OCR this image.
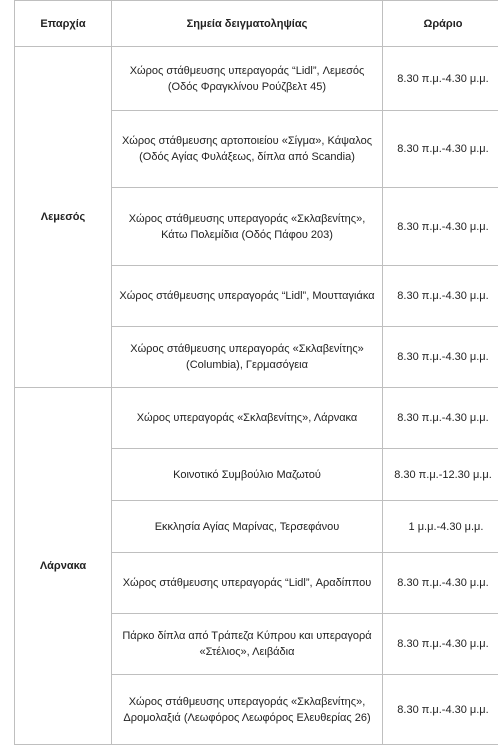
Επαρχία	Σημεία δειγματοληψίας	Ωράριο
Λεμεσός	Χώρος στάθμευσης υπεραγοράς “Lidl”, Λεμεσός (Οδός Φραγκλίνου Ρούζβελτ 45)	8.30 π.μ.-4.30 μ.μ.
	Χώρος στάθμευσης αρτοποιείου «Σίγμα», Κάψαλος (Οδός Αγίας Φυλάξεως, δίπλα από Scandia)	8.30 π.μ.-4.30 μ.μ.
	Χώρος στάθμευσης υπεραγοράς «Σκλαβενίτης», Κάτω Πολεμίδια (Οδός Πάφου 203)	8.30 π.μ.-4.30 μ.μ.
	Χώρος στάθμευσης υπεραγοράς “Lidl”, Μουτταγιάκα	8.30 π.μ.-4.30 μ.μ.
	Χώρος στάθμευσης υπεραγοράς «Σκλαβενίτης» (Columbia), Γερμασόγεια	8.30 π.μ.-4.30 μ.μ.
Λάρνακα	Χώρος υπεραγοράς «Σκλαβενίτης», Λάρνακα	8.30 π.μ.-4.30 μ.μ.
	Κοινοτικό Συμβούλιο Μαζωτού	8.30 π.μ.-12.30 μ.μ.
	Εκκλησία Αγίας Μαρίνας, Τερσεφάνου	1 μ.μ.-4.30 μ.μ.
	Χώρος στάθμευσης υπεραγοράς “Lidl”, Αραδίππου	8.30 π.μ.-4.30 μ.μ.
	Πάρκο δίπλα από Τράπεζα Κύπρου και υπεραγορά «Στέλιος», Λειβάδια	8.30 π.μ.-4.30 μ.μ.
	Χώρος στάθμευσης υπεραγοράς «Σκλαβενίτης», Δρομολαξιά (Λεωφόρος Λεωφόρος Ελευθερίας 26)	8.30 π.μ.-4.30 μ.μ.
